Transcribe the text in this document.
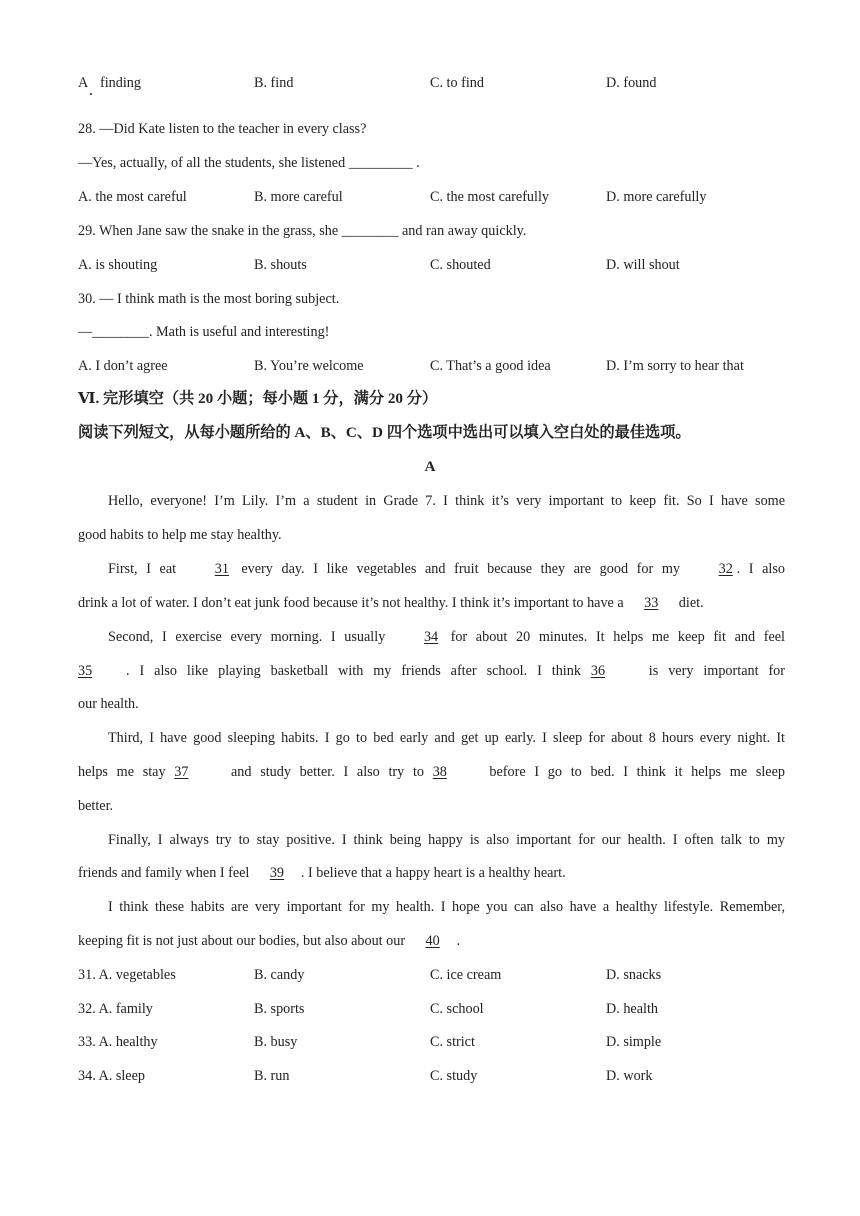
A finding	B. find	C. to find	D. found
28. —Did Kate listen to the teacher in every class?
—Yes, actually, of all the students, she listened _________ .
A. the most careful	B. more careful	C. the most carefully	D. more carefully
29. When Jane saw the snake in the grass, she ________ and ran away quickly.
A. is shouting	B. shouts	C. shouted	D. will shout
30. — I think math is the most boring subject.
—________. Math is useful and interesting!
A. I don’t agree	B. You’re welcome	C. That’s a good idea	D. I’m sorry to hear that
Ⅵ. 完形填空（共 20 小题；每小题 1 分，满分 20 分）
阅读下列短文，从每小题所给的 A、B、C、D 四个选项中选出可以填入空白处的最佳选项。
A
Hello, everyone! I’m Lily. I’m a student in Grade 7. I think it’s very important to keep fit. So I have some
good habits to help me stay healthy.
First, I eat 31 every day. I like vegetables and fruit because they are good for my 32 . I also
drink a lot of water. I don’t eat junk food because it’s not healthy. I think it’s important to have a 33 diet.
Second, I exercise every morning. I usually 34 for about 20 minutes. It helps me keep fit and feel
35 . I also like playing basketball with my friends after school. I think 36 is very important for
our health.
Third, I have good sleeping habits. I go to bed early and get up early. I sleep for about 8 hours every night. It
helps me stay 37 and study better. I also try to 38 before I go to bed. I think it helps me sleep
better.
Finally, I always try to stay positive. I think being happy is also important for our health. I often talk to my
friends and family when I feel 39 . I believe that a happy heart is a healthy heart.
I think these habits are very important for my health. I hope you can also have a healthy lifestyle. Remember,
keeping fit is not just about our bodies, but also about our 40 .
31. A. vegetables	B. candy	C. ice cream	D. snacks
32. A. family	B. sports	C. school	D. health
33. A. healthy	B. busy	C. strict	D. simple
34. A. sleep	B. run	C. study	D. work
